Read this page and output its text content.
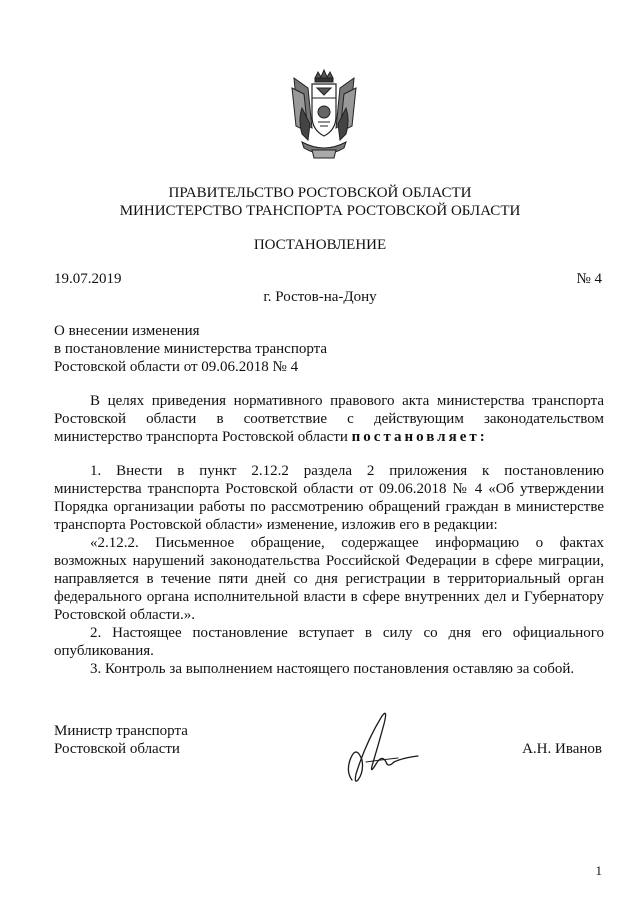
ПРАВИТЕЛЬСТВО РОСТОВСКОЙ ОБЛАСТИ
МИНИСТЕРСТВО ТРАНСПОРТА РОСТОВСКОЙ ОБЛАСТИ
ПОСТАНОВЛЕНИЕ
19.07.2019	№ 4
г. Ростов-на-Дону
О внесении изменения
в постановление министерства транспорта
Ростовской области от 09.06.2018 № 4
В целях приведения нормативного правового акта министерства транспорта
Ростовской области в соответствие с действующим законодательством
министерство транспорта Ростовской области постановляет:
1. Внести в пункт 2.12.2 раздела 2 приложения к постановлению
министерства транспорта Ростовской области от 09.06.2018 № 4 «Об утверждении
Порядка организации работы по рассмотрению обращений граждан в министерстве
транспорта Ростовской области» изменение, изложив его в редакции:
«2.12.2. Письменное обращение, содержащее информацию о фактах
возможных нарушений законодательства Российской Федерации в сфере миграции,
направляется в течение пяти дней со дня регистрации в территориальный орган
федерального органа исполнительной власти в сфере внутренних дел и Губернатору
Ростовской области.».
2. Настоящее постановление вступает в силу со дня его официального
опубликования.
3. Контроль за выполнением настоящего постановления оставляю за собой.
Министр транспорта
Ростовской области	А.Н. Иванов
1
